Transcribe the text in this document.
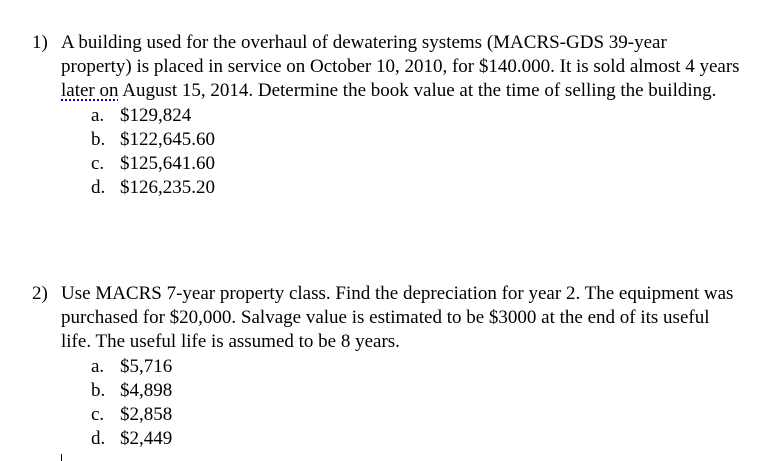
1) A building used for the overhaul of dewatering systems (MACRS-GDS 39-year property) is placed in service on October 10, 2010, for $140.000. It is sold almost 4 years later on August 15, 2014. Determine the book value at the time of selling the building.
a. $129,824
b. $122,645.60
c. $125,641.60
d. $126,235.20
2) Use MACRS 7-year property class. Find the depreciation for year 2. The equipment was purchased for $20,000. Salvage value is estimated to be $3000 at the end of its useful life. The useful life is assumed to be 8 years.
a. $5,716
b. $4,898
c. $2,858
d. $2,449
